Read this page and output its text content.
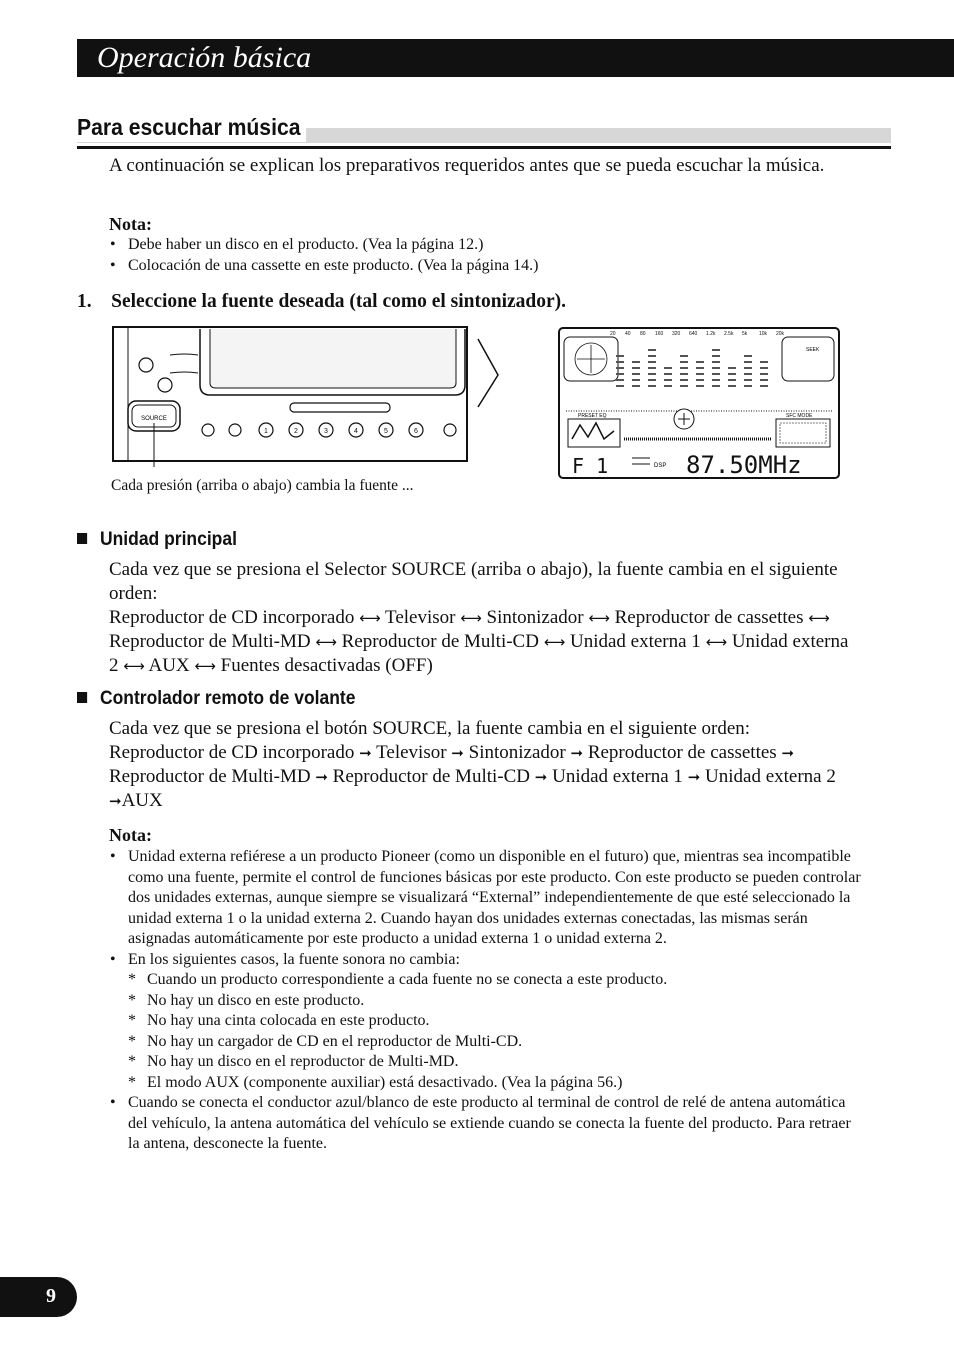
Operación básica
Para escuchar música
A continuación se explican los preparativos requeridos antes que se pueda escuchar la música.
Nota:
• Debe haber un disco en el producto. (Vea la página 12.)
• Colocación de una cassette en este producto. (Vea la página 14.)
1. Seleccione la fuente deseada (tal como el sintonizador).
SOURCE
1	2	3	4	5	6
Cada presión (arriba o abajo) cambia la fuente ...
20 40 80 160 320 640 1.2k 2.5k 5k 10k 20k
SEEK
PRESET EQ	SFC MODE
F 1	DSP 87.50MHz
Unidad principal
Cada vez que se presiona el Selector SOURCE (arriba o abajo), la fuente cambia en el siguiente orden:
Reproductor de CD incorporado ⟷ Televisor ⟷ Sintonizador ⟷ Reproductor de cassettes ⟷ Reproductor de Multi-MD ⟷ Reproductor de Multi-CD ⟷ Unidad externa 1 ⟷ Unidad externa 2 ⟷ AUX ⟷ Fuentes desactivadas (OFF)
Controlador remoto de volante
Cada vez que se presiona el botón SOURCE, la fuente cambia en el siguiente orden:
Reproductor de CD incorporado ➞ Televisor ➞ Sintonizador ➞ Reproductor de cassettes ➞ Reproductor de Multi-MD ➞ Reproductor de Multi-CD ➞ Unidad externa 1 ➞ Unidad externa 2 ➞AUX
Nota:
• Unidad externa refiérese a un producto Pioneer (como un disponible en el futuro) que, mientras sea incompatible como una fuente, permite el control de funciones básicas por este producto. Con este producto se pueden controlar dos unidades externas, aunque siempre se visualizará “External” independientemente de que esté seleccionado la unidad externa 1 o la unidad externa 2. Cuando hayan dos unidades externas conectadas, las mismas serán asignadas automáticamente por este producto a unidad externa 1 o unidad externa 2.
• En los siguientes casos, la fuente sonora no cambia:
* Cuando un producto correspondiente a cada fuente no se conecta a este producto.
* No hay un disco en este producto.
* No hay una cinta colocada en este producto.
* No hay un cargador de CD en el reproductor de Multi-CD.
* No hay un disco en el reproductor de Multi-MD.
* El modo AUX (componente auxiliar) está desactivado. (Vea la página 56.)
• Cuando se conecta el conductor azul/blanco de este producto al terminal de control de relé de antena automática del vehículo, la antena automática del vehículo se extiende cuando se conecta la fuente del producto. Para retraer la antena, desconecte la fuente.
9
